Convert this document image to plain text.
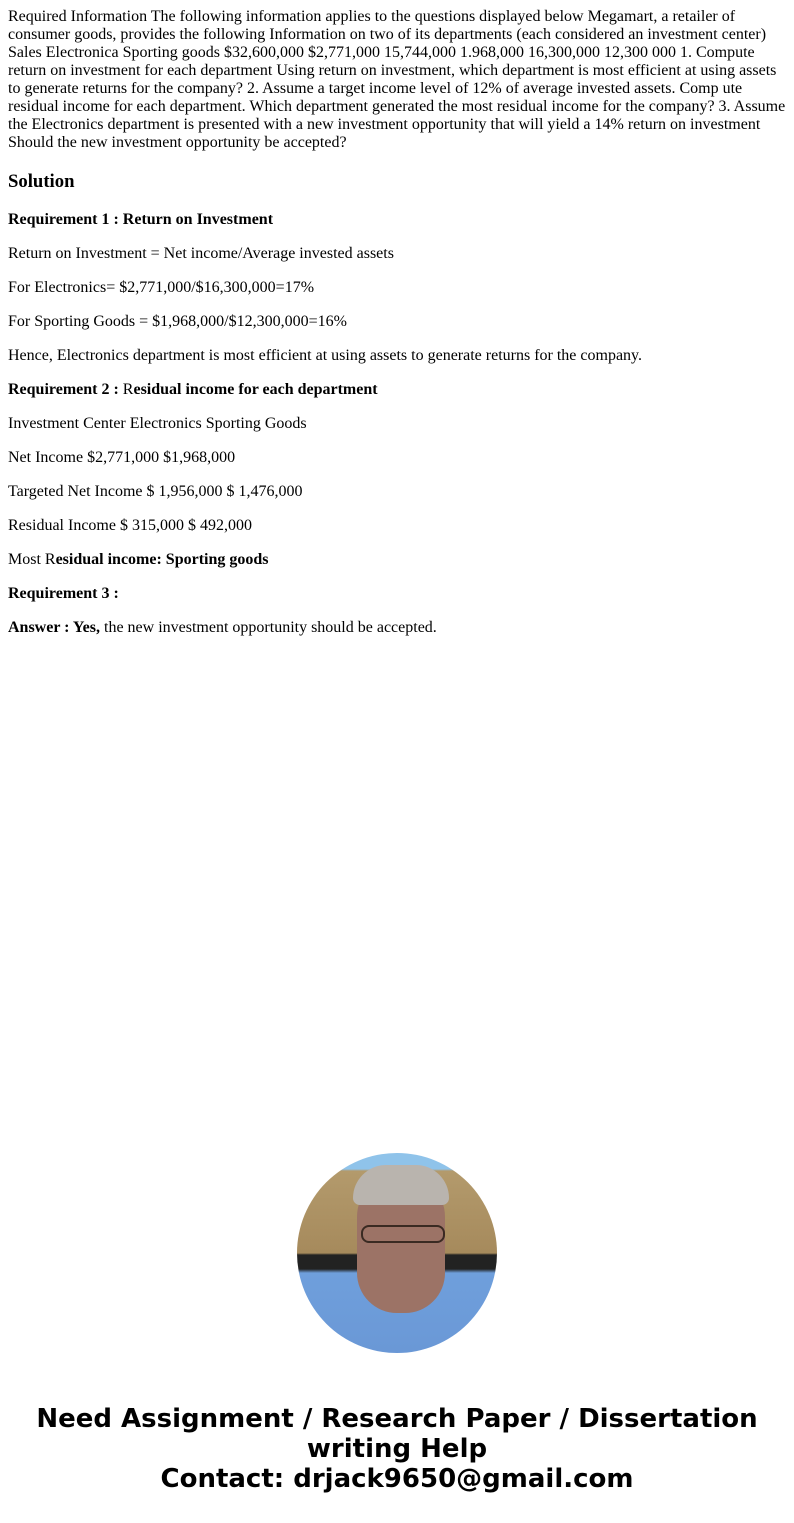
Required Information The following information applies to the questions displayed below Megamart, a retailer of consumer goods, provides the following Information on two of its departments (each considered an investment center) Sales Electronica Sporting goods $32,600,000 $2,771,000 15,744,000 1.968,000 16,300,000 12,300 000 1. Compute return on investment for each department Using return on investment, which department is most efficient at using assets to generate returns for the company? 2. Assume a target income level of 12% of average invested assets. Comp ute residual income for each department. Which department generated the most residual income for the company? 3. Assume the Electronics department is presented with a new investment opportunity that will yield a 14% return on investment Should the new investment opportunity be accepted?

Solution

Requirement 1 : Return on Investment

Return on Investment = Net income/Average invested assets

For Electronics= $2,771,000/$16,300,000=17%

For Sporting Goods = $1,968,000/$12,300,000=16%

Hence, Electronics department is most efficient at using assets to generate returns for the company.

Requirement 2 : Residual income for each department

Investment Center Electronics Sporting Goods

Net Income $2,771,000 $1,968,000

Targeted Net Income $ 1,956,000 $ 1,476,000

Residual Income $ 315,000 $ 492,000

Most Residual income: Sporting goods

Requirement 3 :

Answer : Yes, the new investment opportunity should be accepted.

Need Assignment / Research Paper / Dissertation writing Help
Contact: drjack9650@gmail.com
